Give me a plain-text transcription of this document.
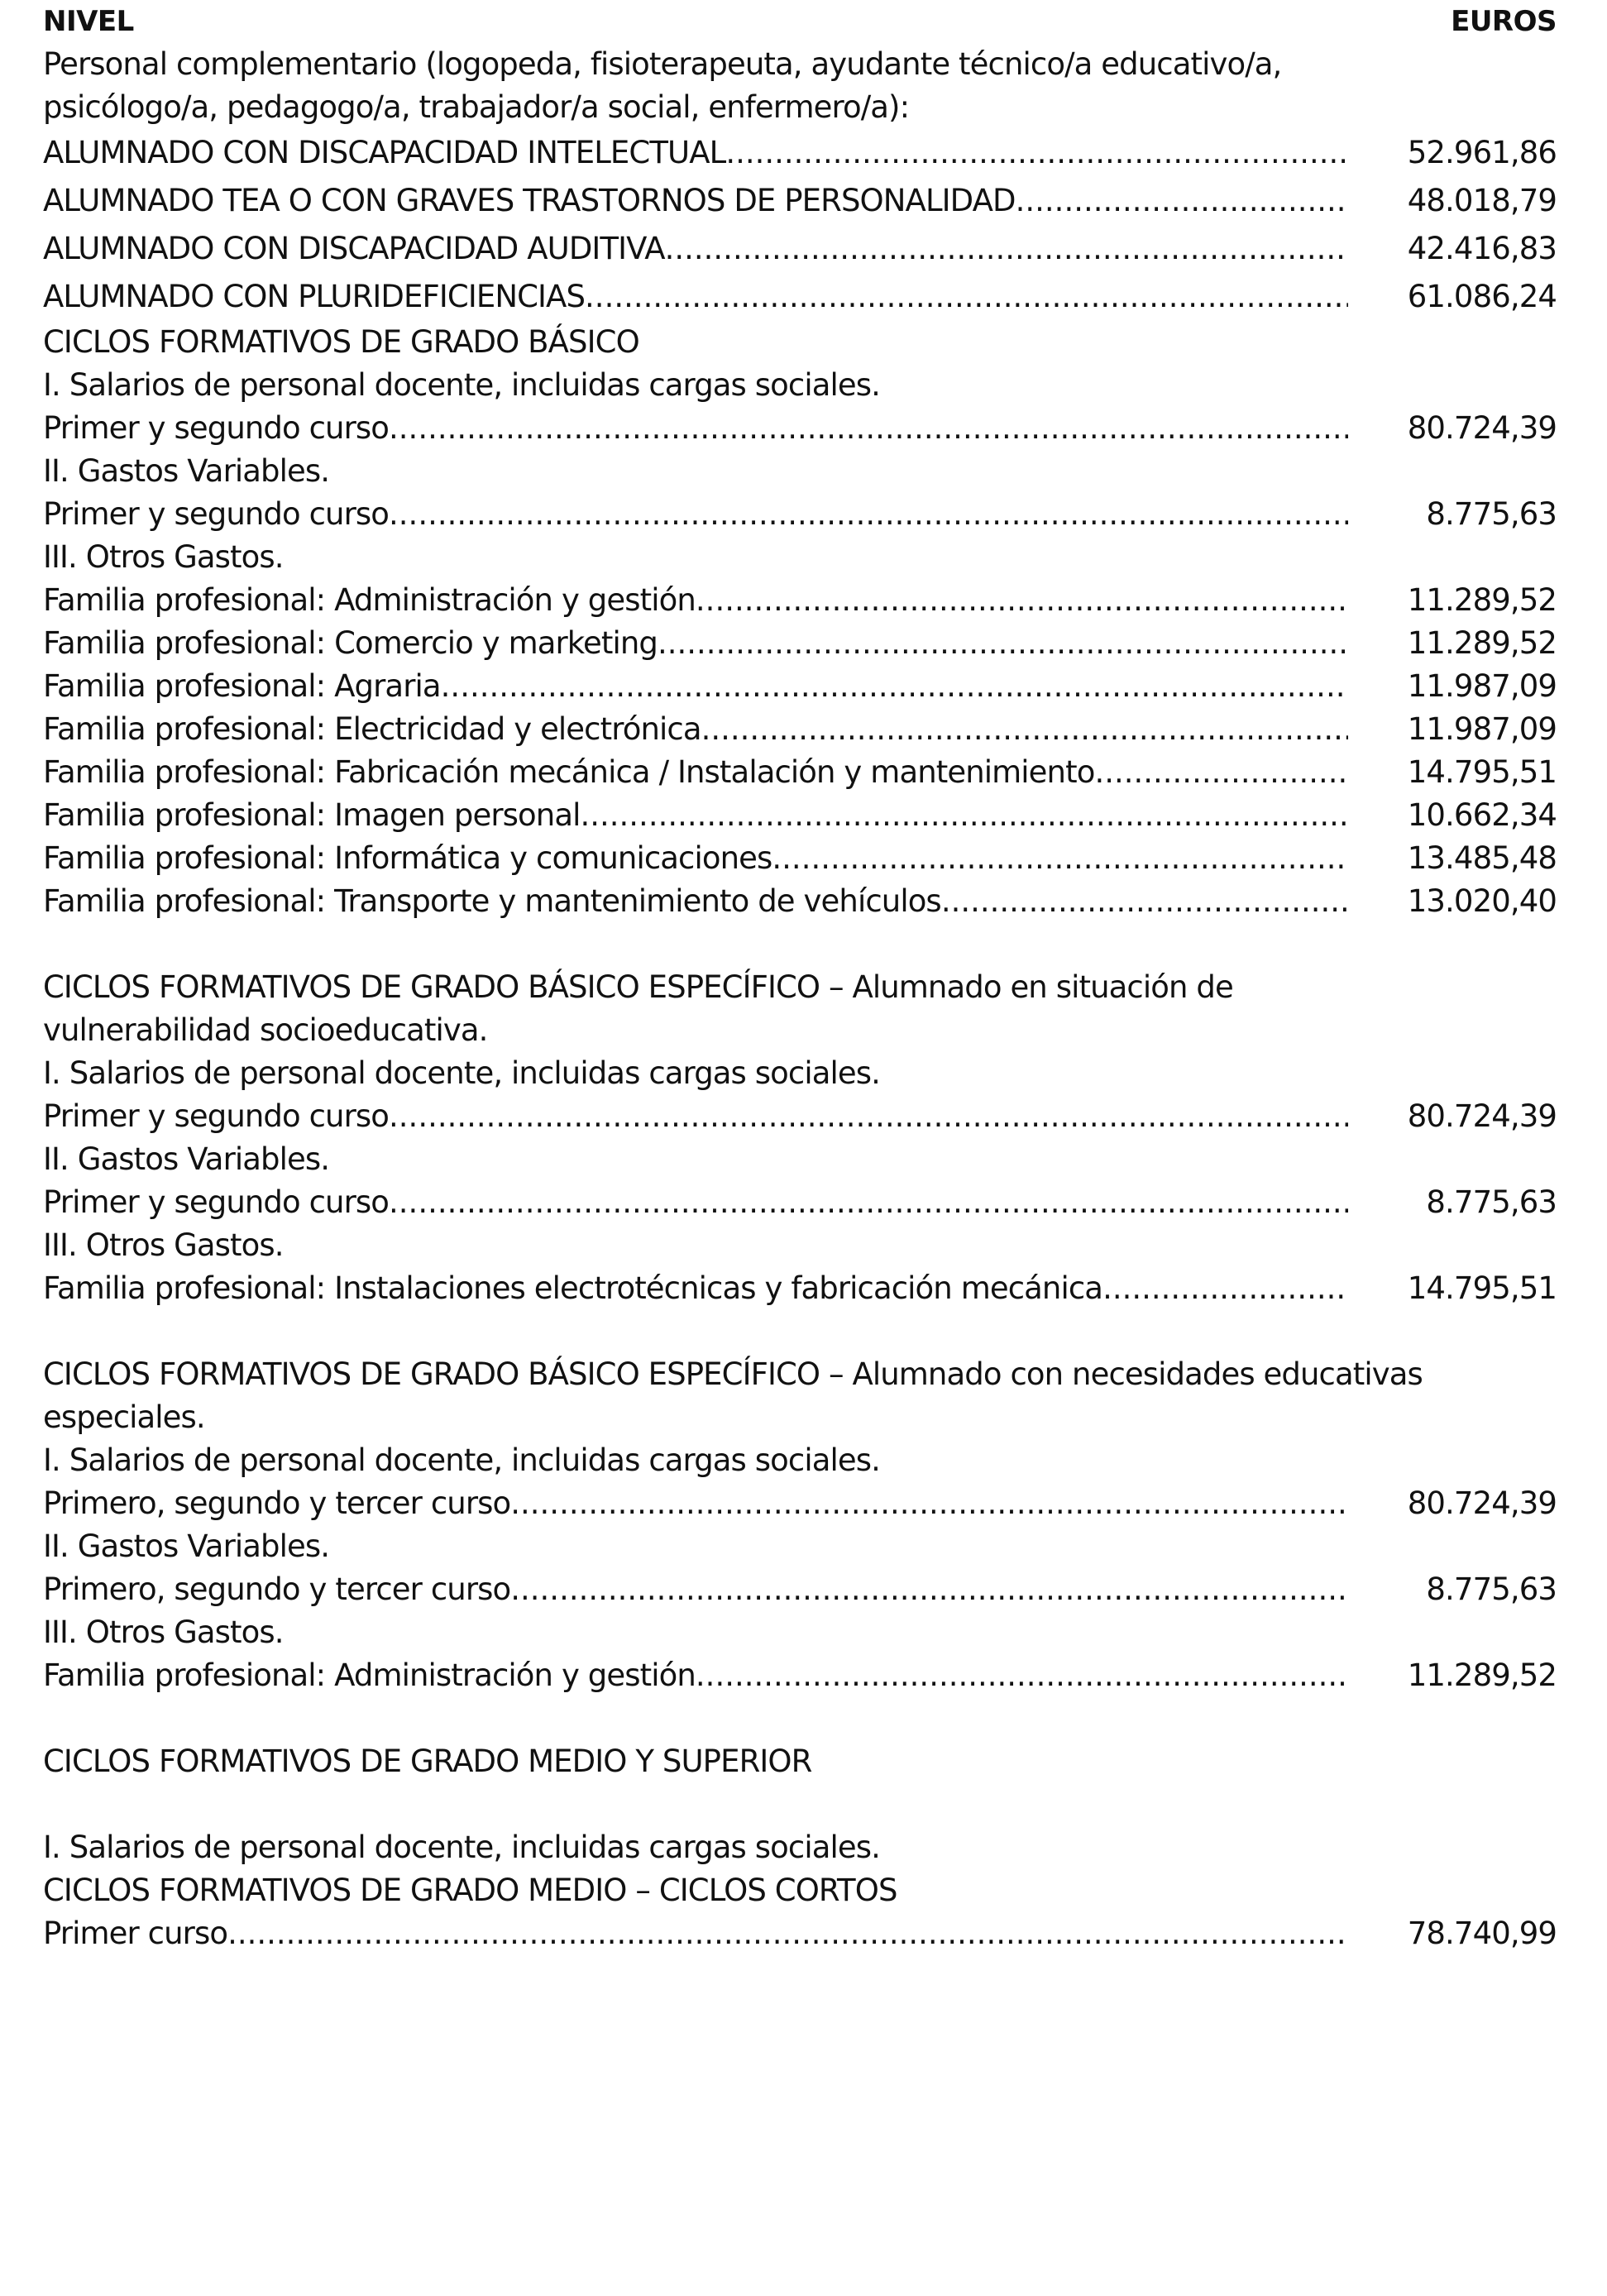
NIVEL	EUROS
Personal complementario (logopeda, fisioterapeuta, ayudante técnico/a educativo/a,
psicólogo/a, pedagogo/a, trabajador/a social, enfermero/a):
ALUMNADO CON DISCAPACIDAD INTELECTUAL .....	52.961,86
ALUMNADO TEA O CON GRAVES TRASTORNOS DE PERSONALIDAD .....	48.018,79
ALUMNADO CON DISCAPACIDAD AUDITIVA .....	42.416,83
ALUMNADO CON PLURIDEFICIENCIAS .....	61.086,24
CICLOS FORMATIVOS DE GRADO BÁSICO
I. Salarios de personal docente, incluidas cargas sociales.
Primer y segundo curso .....	80.724,39
II. Gastos Variables.
Primer y segundo curso .....	8.775,63
III. Otros Gastos.
Familia profesional: Administración y gestión .....	11.289,52
Familia profesional: Comercio y marketing .....	11.289,52
Familia profesional: Agraria .....	11.987,09
Familia profesional: Electricidad y electrónica .....	11.987,09
Familia profesional: Fabricación mecánica / Instalación y mantenimiento .....	14.795,51
Familia profesional: Imagen personal .....	10.662,34
Familia profesional: Informática y comunicaciones .....	13.485,48
Familia profesional: Transporte y mantenimiento de vehículos .....	13.020,40
CICLOS FORMATIVOS DE GRADO BÁSICO ESPECÍFICO – Alumnado en situación de
vulnerabilidad socioeducativa.
I. Salarios de personal docente, incluidas cargas sociales.
Primer y segundo curso .....	80.724,39
II. Gastos Variables.
Primer y segundo curso .....	8.775,63
III. Otros Gastos.
Familia profesional: Instalaciones electrotécnicas y fabricación mecánica .....	14.795,51
CICLOS FORMATIVOS DE GRADO BÁSICO ESPECÍFICO – Alumnado con necesidades educativas
especiales.
I. Salarios de personal docente, incluidas cargas sociales.
Primero, segundo y tercer curso .....	80.724,39
II. Gastos Variables.
Primero, segundo y tercer curso .....	8.775,63
III. Otros Gastos.
Familia profesional: Administración y gestión .....	11.289,52
CICLOS FORMATIVOS DE GRADO MEDIO Y SUPERIOR
I. Salarios de personal docente, incluidas cargas sociales.
CICLOS FORMATIVOS DE GRADO MEDIO – CICLOS CORTOS
Primer curso .....	78.740,99
